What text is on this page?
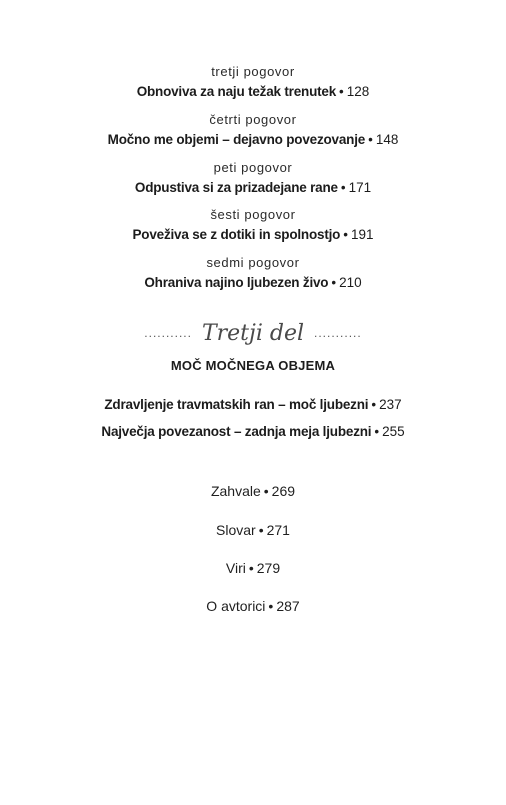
tretji pogovor
Obnoviva za naju težak trenutek • 128
četrti pogovor
Močno me objemi – dejavno povezovanje • 148
peti pogovor
Odpustiva si za prizadejane rane • 171
šesti pogovor
Poveživa se z dotiki in spolnostjo • 191
sedmi pogovor
Ohraniva najino ljubezen živo • 210
........... Tretji del ...........
MOČ MOČNEGA OBJEMA
Zdravljenje travmatskih ran – moč ljubezni • 237
Največja povezanost – zadnja meja ljubezni • 255
Zahvale • 269
Slovar • 271
Viri • 279
O avtorici • 287
